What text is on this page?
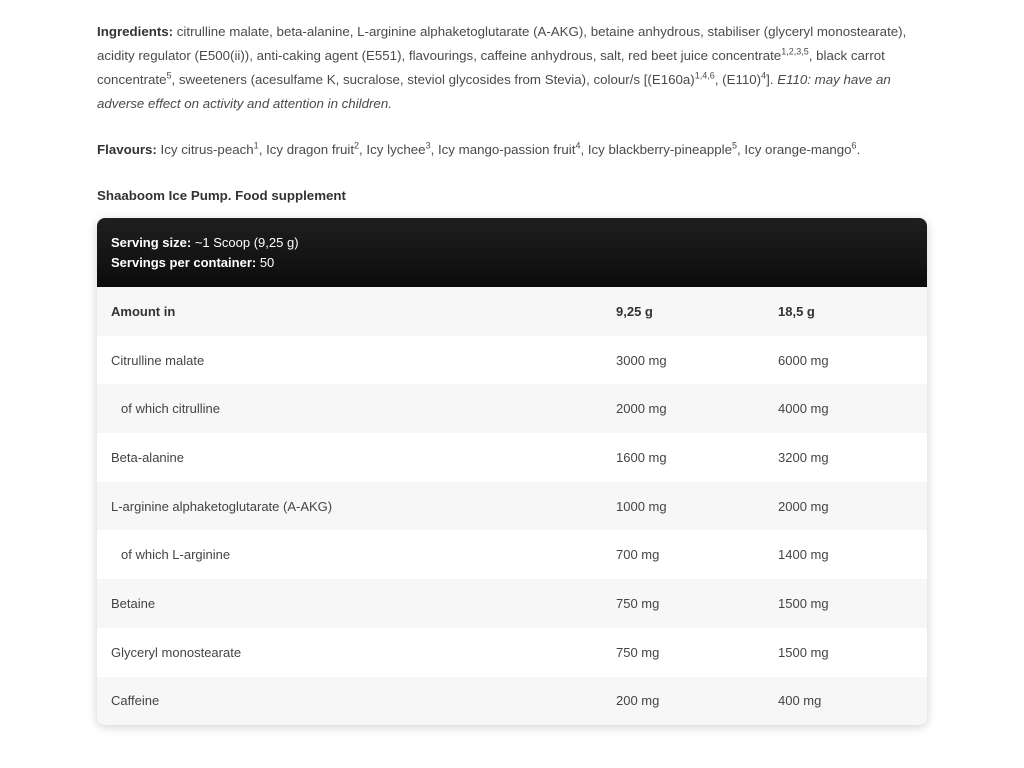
Ingredients: citrulline malate, beta-alanine, L-arginine alphaketoglutarate (A-AKG), betaine anhydrous, stabiliser (glyceryl monostearate), acidity regulator (E500(ii)), anti-caking agent (E551), flavourings, caffeine anhydrous, salt, red beet juice concentrate$^{1,2,3,5}$, black carrot concentrate$^5$, sweeteners (acesulfame K, sucralose, steviol glycosides from Stevia), colour/s [$(E160a)^{1,4,6}$, $(E110)^4$]. E110: may have an adverse effect on activity and attention in children.

Flavours: Icy citrus-peach$^1$, Icy dragon fruit$^2$, Icy lychee$^3$, Icy mango-passion fruit$^4$, Icy blackberry-pineapple$^5$, Icy orange-mango$^6$.

Shaaboom Ice Pump. Food supplement
Serving size: ~1 Scoop (9,25 g)
Servings per container: 50
Amount in	9,25 g	18,5 g
Citrulline malate	3000 mg	6000 mg
of which citrulline	2000 mg	4000 mg
Beta-alanine	1600 mg	3200 mg
L-arginine alphaketoglutarate (A-AKG)	1000 mg	2000 mg
of which L-arginine	700 mg	1400 mg
Betaine	750 mg	1500 mg
Glyceryl monostearate	750 mg	1500 mg
Caffeine	200 mg	400 mg
